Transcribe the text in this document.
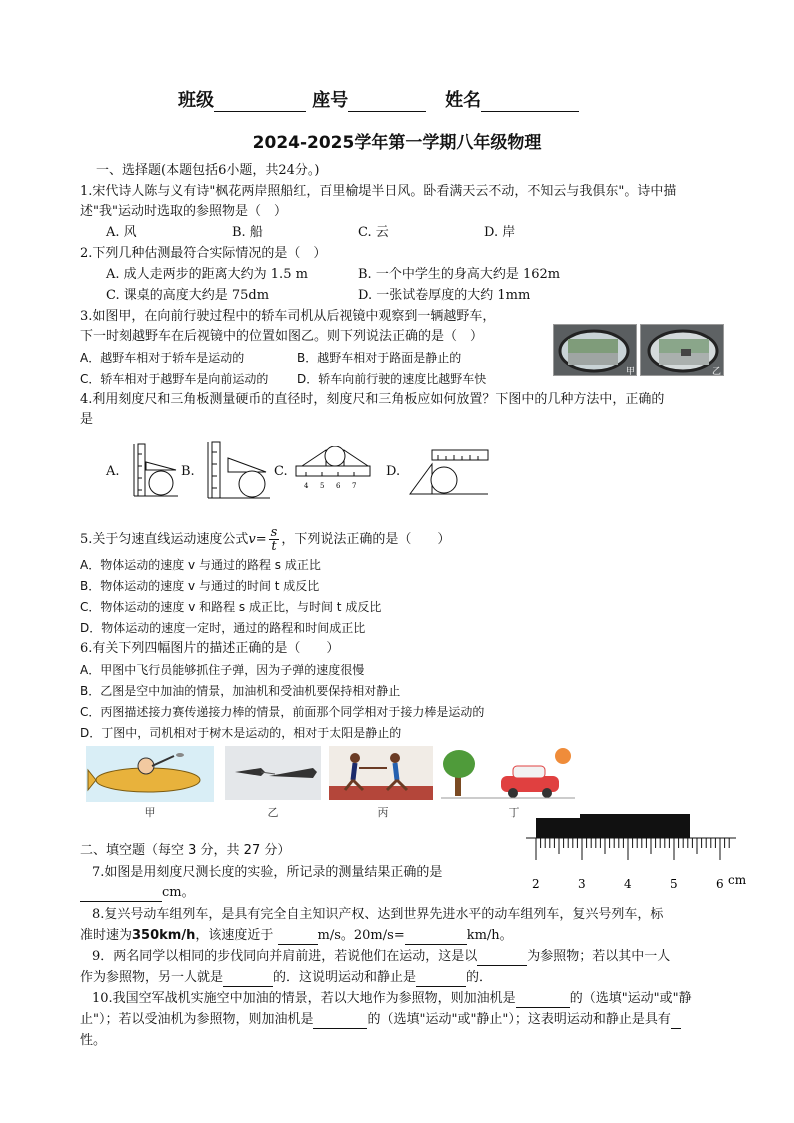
班级	座号	姓名
2024-2025学年第一学期八年级物理
一、选择题(本题包括6小题，共24分。)
1.宋代诗人陈与义有诗"枫花两岸照船红，百里榆堤半日风。卧看满天云不动，不知云与我俱东"。诗中描
述"我"运动时选取的参照物是（　）
A. 风	B. 船	C. 云	D. 岸
2.下列几种估测最符合实际情况的是（　）
A. 成人走两步的距离大约为 1.5 m	B. 一个中学生的身高大约是 162m
C. 课桌的高度大约是 75dm	D. 一张试卷厚度的大约 1mm
3.如图甲，在向前行驶过程中的轿车司机从后视镜中观察到一辆越野车，
下一时刻越野车在后视镜中的位置如图乙。则下列说法正确的是（　）
A．越野车相对于轿车是运动的	B．越野车相对于路面是静止的
C．轿车相对于越野车是向前运动的 D．轿车向前行驶的速度比越野车快	甲	乙
4.利用刻度尺和三角板测量硬币的直径时，刻度尺和三角板应如何放置？下图中的几种方法中，正确的
是
A.	B.	C.
4 5 6 7
D.
5.关于匀速直线运动速度公式$v= \frac{s}{t}$ ，下列说法正确的是（　　）
A．物体运动的速度 v 与通过的路程 s 成正比
B．物体运动的速度 v 与通过的时间 t 成反比
C．物体运动的速度 v 和路程 s 成正比，与时间 t 成反比
D．物体运动的速度一定时，通过的路程和时间成正比
6.有关下列四幅图片的描述正确的是（　　）
A．甲图中飞行员能够抓住子弹，因为子弹的速度很慢
B．乙图是空中加油的情景，加油机和受油机要保持相对静止
C．丙图描述接力赛传递接力棒的情景，前面那个同学相对于接力棒是运动的
D．丁图中，司机相对于树木是运动的，相对于太阳是静止的
甲	乙	丙	丁
二、填空题（每空 3 分，共 27 分）
2	3	4	5	6 cm
7.如图是用刻度尺测长度的实验，所记录的测量结果正确的是
cm。
8.复兴号动车组列车，是具有完全自主知识产权、达到世界先进水平的动车组列车，复兴号列车，标
准时速为350km/h，该速度近于	m/s。20m/s=	km/h。
9．两名同学以相同的步伐同向并肩前进，若说他们在运动，这是以	为参照物；若以其中一人
作为参照物，另一人就是	的．这说明运动和静止是	的．
10.我国空军战机实施空中加油的情景，若以大地作为参照物，则加油机是	的（选填"运动"或"静
止"）；若以受油机为参照物，则加油机是	的（选填"运动"或"静止"）；这表明运动和静止是具有
性。
